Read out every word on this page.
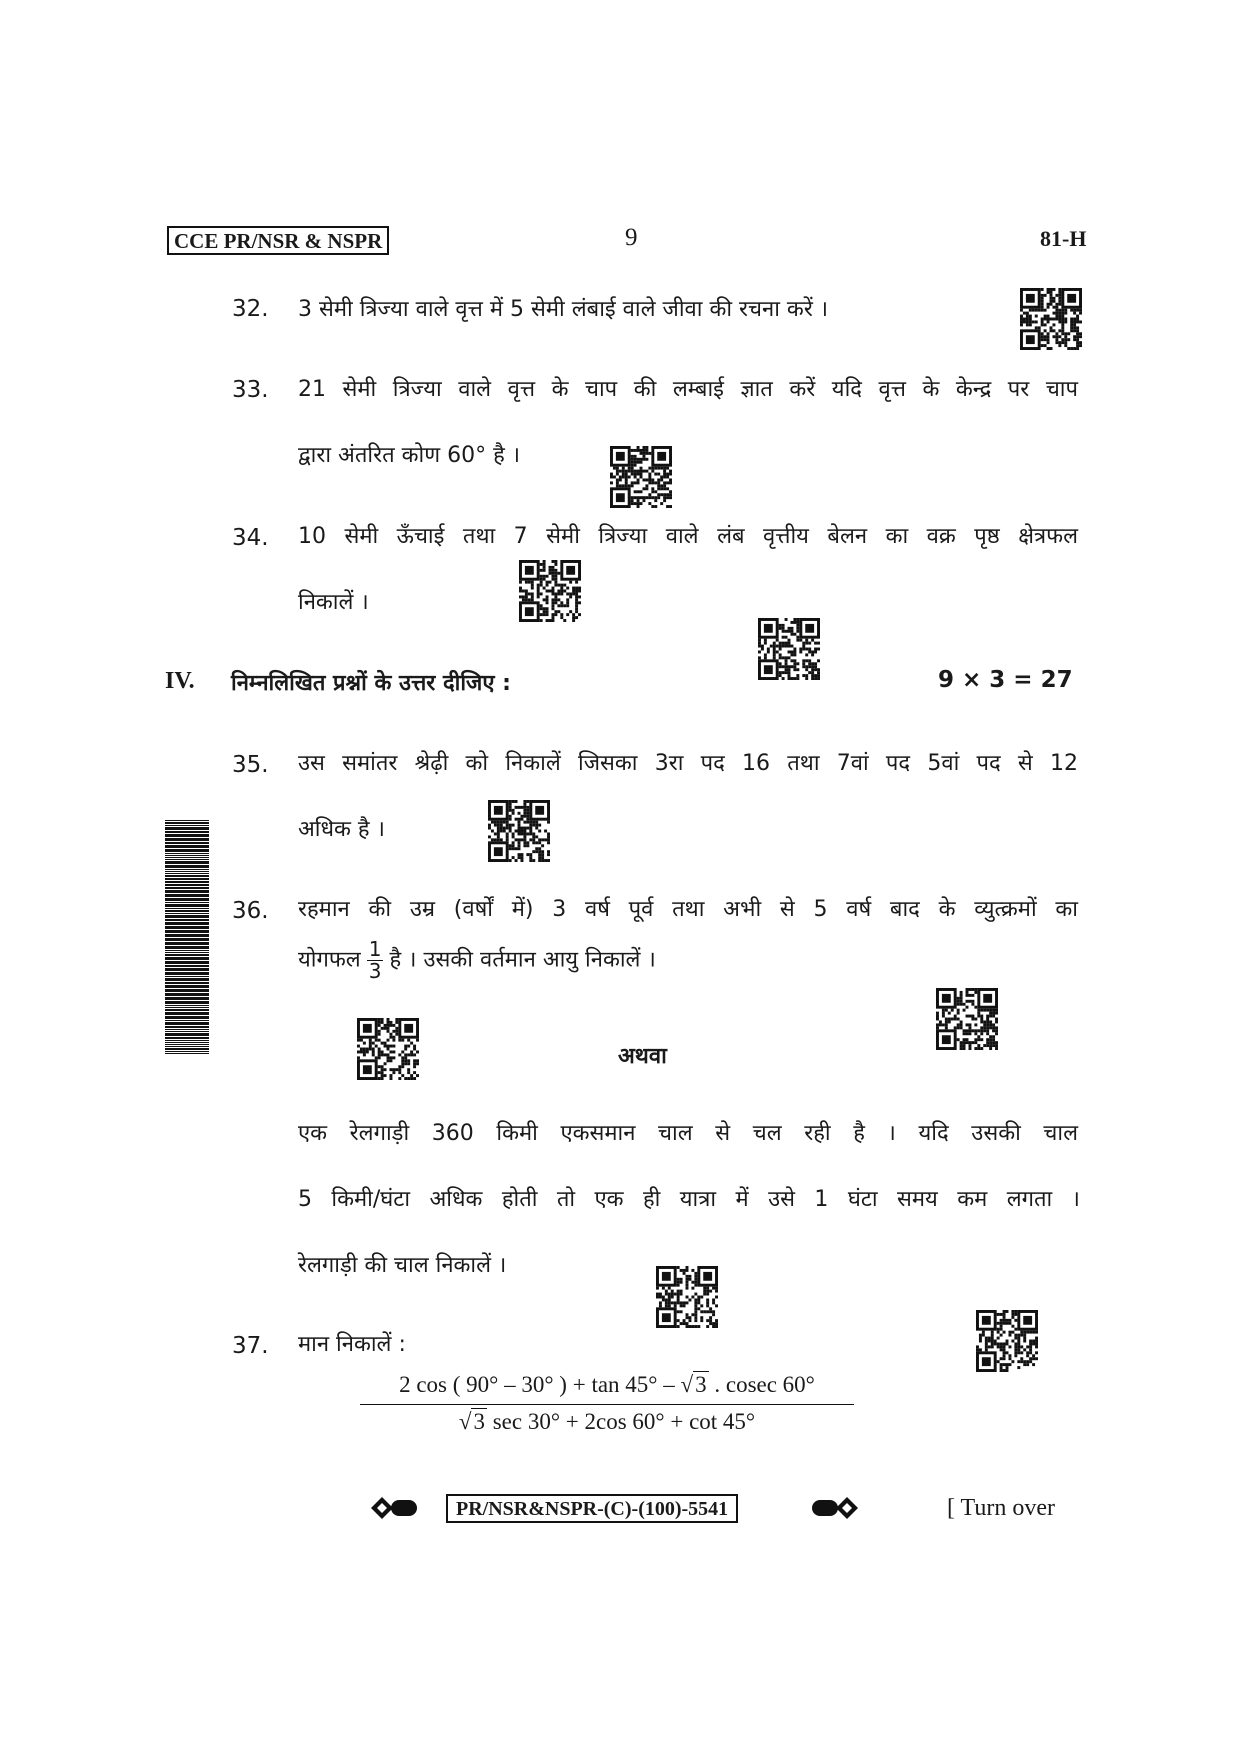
CCE PR/NSR & NSPR	9	81-H
32. 3 सेमी त्रिज्या वाले वृत्त में 5 सेमी लंबाई वाले जीवा की रचना करें ।
33. 21 सेमी त्रिज्या वाले वृत्त के चाप की लम्बाई ज्ञात करें यदि वृत्त के केन्द्र पर चाप
द्वारा अंतरित कोण 60° है ।
34. 10 सेमी ऊँचाई तथा 7 सेमी त्रिज्या वाले लंब वृत्तीय बेलन का वक्र पृष्ठ क्षेत्रफल
निकालें ।
IV. निम्नलिखित प्रश्नों के उत्तर दीजिए :	9 × 3 = 27
35. उस समांतर श्रेढ़ी को निकालें जिसका 3रा पद 16 तथा 7वां पद 5वां पद से 12
अधिक है ।
36. रहमान की उम्र (वर्षों में) 3 वर्ष पूर्व तथा अभी से 5 वर्ष बाद के व्युत्क्रमों का
योगफल $\frac{1}{3}$ है । उसकी वर्तमान आयु निकालें ।
अथवा
एक रेलगाड़ी 360 किमी एकसमान चाल से चल रही है । यदि उसकी चाल
5 किमी/घंटा अधिक होती तो एक ही यात्रा में उसे 1 घंटा समय कम लगता ।
रेलगाड़ी की चाल निकालें ।
37. मान निकालें :
2 cos ( 90° – 30° ) + tan 45° – √3 . cosec 60°
√3 sec 30° + 2cos 60° + cot 45°
PR/NSR&NSPR-(C)-(100)-5541	[ Turn over
